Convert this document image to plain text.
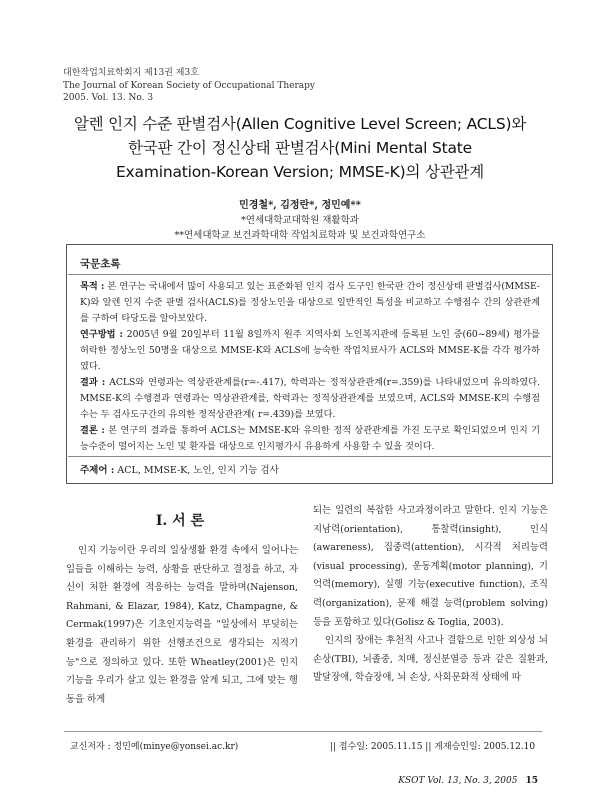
대한작업치료학회지 제13권 제3호
The Journal of Korean Society of Occupational Therapy
2005. Vol. 13. No. 3
알렌 인지 수준 판별검사(Allen Cognitive Level Screen; ACLS)와
한국판 간이 정신상태 판별검사(Mini Mental State
Examination-Korean Version; MMSE-K)의 상관관계
민경철*, 김정란*, 정민예**
*연세대학교대학원 재활학과
**연세대학교 보건과학대학 작업치료학과 및 보건과학연구소
국문초록
목적 : 본 연구는 국내에서 많이 사용되고 있는 표준화된 인지 검사 도구인 한국판 간이 정신상태 판별검사(MMSE-K)와 알렌 인지 수준 판별 검사(ACLS)를 정상노인을 대상으로 일반적인 특성을 비교하고 수행점수 간의 상관관계를 구하여 타당도를 알아보았다.
연구방법 : 2005년 9월 20일부터 11월 8일까지 원주 지역사회 노인복지관에 등록된 노인 중(60~89세) 평가를 허락한 정상노인 50명을 대상으로 MMSE-K와 ACLS에 능숙한 작업치료사가 ACLS와 MMSE-K를 각각 평가하였다.
결과 : ACLS와 연령과는 역상관관계를(r=-.417), 학력과는 정적상관관계(r=.359)를 나타내었으며 유의하였다. MMSE-K의 수행결과 연령과는 역상관관계를, 학력과는 정적상관관계를 보였으며, ACLS와 MMSE-K의 수행점수는 두 검사도구간의 유의한 정적상관관계( r=.439)를 보였다.
결론 : 본 연구의 결과를 통하여 ACLS는 MMSE-K와 유의한 정적 상관관계를 가진 도구로 확인되었으며 인지 기능수준이 떨어지는 노인 및 환자를 대상으로 인지평가시 유용하게 사용할 수 있을 것이다.
주제어 : ACL, MMSE-K, 노인, 인지 기능 검사
Ⅰ. 서 론

인지 기능이란 우리의 일상생활 환경 속에서 일어나는 일들을 이해하는 능력, 상황을 판단하고 결정을 하고, 자신이 처한 환경에 적응하는 능력을 말하며(Najenson, Rahmani, & Elazar, 1984), Katz, Champagne, & Cermak(1997)은 기초인지능력을 "일상에서 부딪히는 환경을 관리하기 위한 선행조건으로 생각되는 지적기능"으로 정의하고 있다. 또한 Wheatley(2001)은 인지 기능을 우리가 살고 있는 환경을 알게 되고, 그에 맞는 행동을 하게

되는 일련의 복잡한 사고과정이라고 말한다. 인지 기능은 지남력(orientation), 통찰력(insight), 인식(awareness), 집중력(attention), 시각적 처리능력(visual processing), 운동계획(motor planning), 기억력(memory), 실행 기능(executive function), 조직력(organization), 문제 해결 능력(problem solving) 등을 포함하고 있다(Golisz & Toglia, 2003).

인지의 장애는 후천적 사고나 결함으로 인한 외상성 뇌 손상(TBI), 뇌졸중, 치매, 정신분열증 등과 같은 질환과, 발달장애, 학습장애, 뇌 손상, 사회문화적 상태에 따

교신저자 : 정민예(minye@yonsei.ac.kr)	|| 접수일: 2005.11.15 || 게재승인일: 2005.12.10
KSOT Vol. 13, No. 3, 2005 15
